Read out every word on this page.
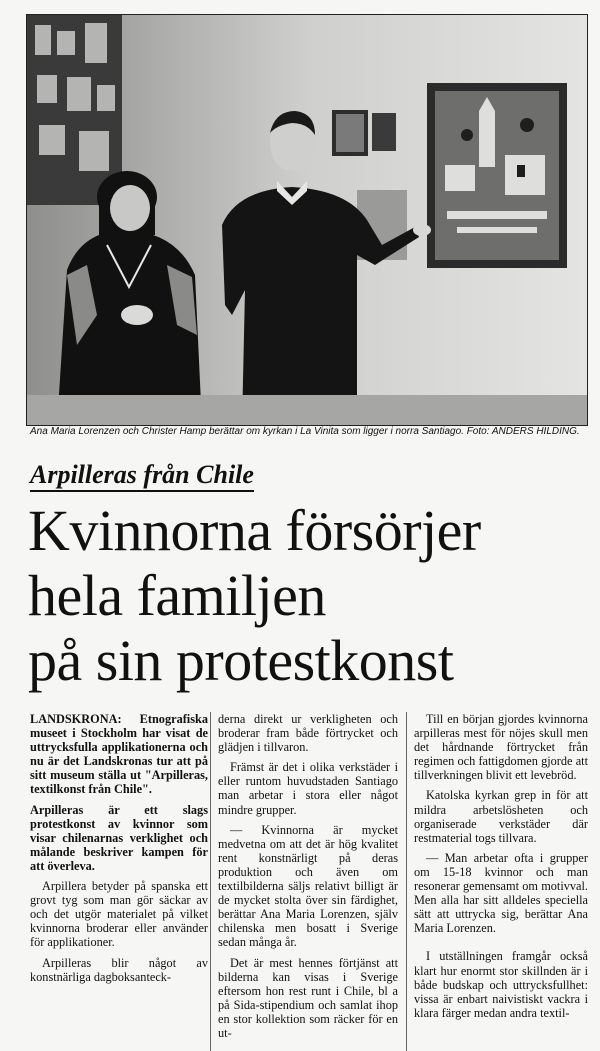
Ana Maria Lorenzen och Christer Hamp berättar om kyrkan i La Vinita som ligger i norra Santiago. Foto: ANDERS HILDING.
Arpilleras från Chile
Kvinnorna försörjer
hela familjen
på sin protestkonst

LANDSKRONA: Etnografiska museet i Stockholm har visat de uttrycksfulla applikationerna och nu är det Landskronas tur att på sitt museum ställa ut "Arpilleras, textilkonst från Chile".

Arpilleras är ett slags protestkonst av kvinnor som visar chilenarnas verklighet och målande beskriver kampen för att överleva.

Arpillera betyder på spanska ett grovt tyg som man gör säckar av och det utgör materialet på vilket kvinnorna broderar eller använder för applikationer.

Arpilleras blir något av konstnärliga dagboksanteck-

derna direkt ur verkligheten och broderar fram både förtrycket och glädjen i tillvaron.

Främst är det i olika verkstäder i eller runtom huvudstaden Santiago man arbetar i stora eller något mindre grupper.

— Kvinnorna är mycket medvetna om att det är hög kvalitet rent konstnärligt på deras produktion och även om textilbilderna säljs relativt billigt är de mycket stolta över sin färdighet, berättar Ana Maria Lorenzen, själv chilenska men bosatt i Sverige sedan många år.

Det är mest hennes förtjänst att bilderna kan visas i Sverige eftersom hon rest runt i Chile, bl a på Sida-stipendium och samlat ihop en stor kollektion som räcker för en ut-

Till en början gjordes kvinnorna arpilleras mest för nöjes skull men det hårdnande förtrycket från regimen och fattigdomen gjorde att tillverkningen blivit ett levebröd.

Katolska kyrkan grep in för att mildra arbetslösheten och organiserade verkstäder där restmaterial togs tillvara.

— Man arbetar ofta i grupper om 15-18 kvinnor och man resonerar gemensamt om motivval. Men alla har sitt alldeles speciella sätt att uttrycka sig, berättar Ana Maria Lorenzen.

I utställningen framgår också klart hur enormt stor skillnden är i både budskap och uttrycksfullhet: vissa är enbart naivistiskt vackra i klara färger medan andra textil-
